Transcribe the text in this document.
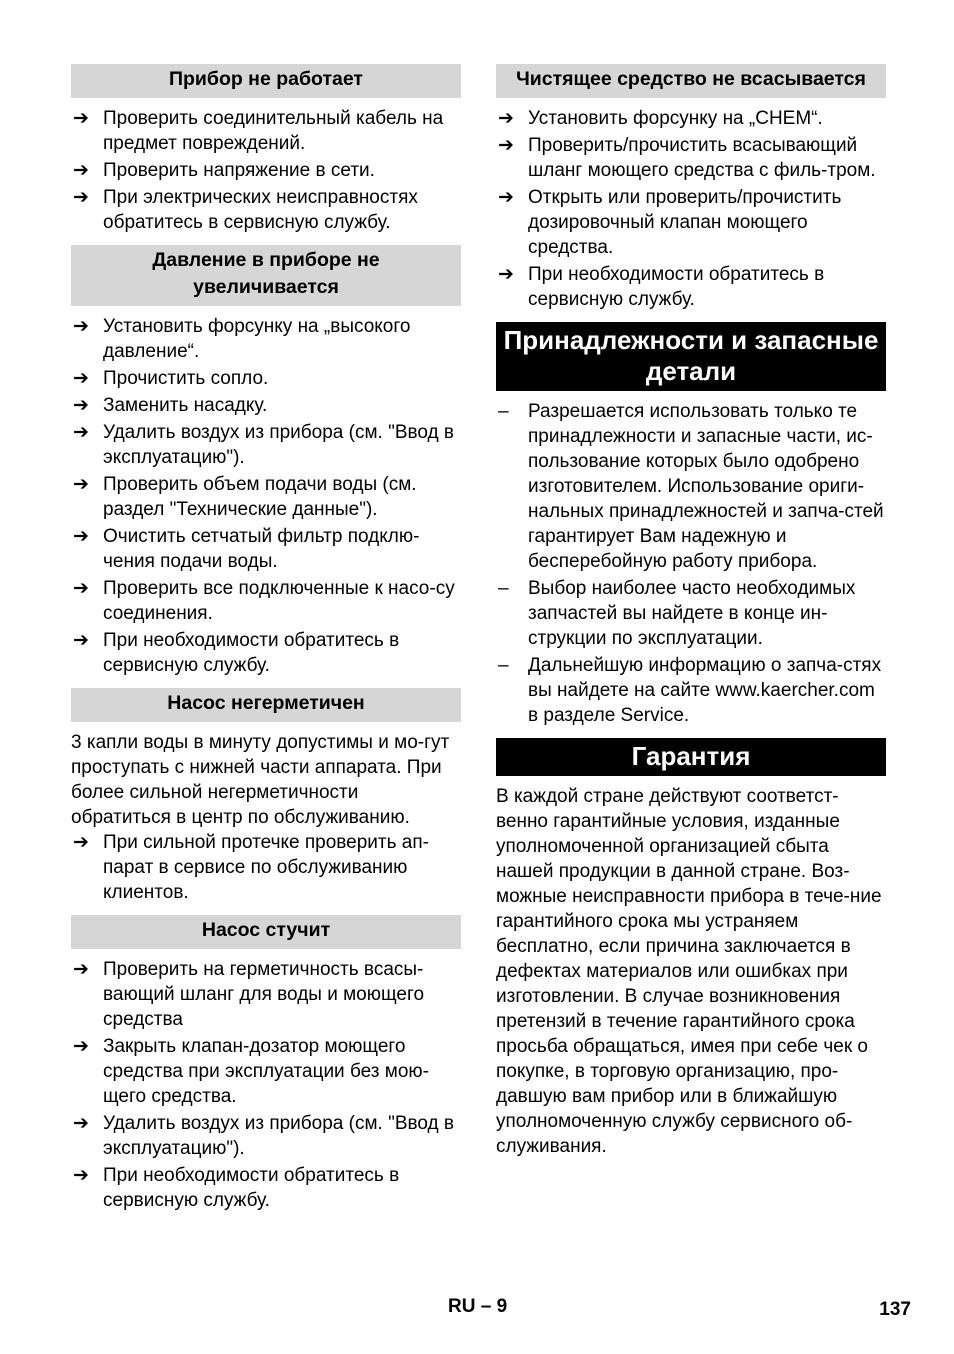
Прибор не работает
➔ Проверить соединительный кабель на предмет повреждений.
➔ Проверить напряжение в сети.
➔ При электрических неисправностях обратитесь в сервисную службу.
Давление в приборе не увеличивается
➔ Установить форсунку на „высокого давление“.
➔ Прочистить сопло.
➔ Заменить насадку.
➔ Удалить воздух из прибора (см. "Ввод в эксплуатацию").
➔ Проверить объем подачи воды (см. раздел "Технические данные").
➔ Очистить сетчатый фильтр подклю-чения подачи воды.
➔ Проверить все подключенные к насо-су соединения.
➔ При необходимости обратитесь в сервисную службу.
Насос негерметичен

3 капли воды в минуту допустимы и мо-гут проступать с нижней части аппарата. При более сильной негерметичности обратиться в центр по обслуживанию.

➔ При сильной протечке проверить ап-парат в сервисе по обслуживанию клиентов.
Насос стучит
➔ Проверить на герметичность всасы-вающий шланг для воды и моющего средства
➔ Закрыть клапан-дозатор моющего средства при эксплуатации без мою-щего средства.
➔ Удалить воздух из прибора (см. "Ввод в эксплуатацию").
➔ При необходимости обратитесь в сервисную службу.
Чистящее средство не всасывается
➔ Установить форсунку на „CHEM“.
➔ Проверить/прочистить всасывающий шланг моющего средства с филь-тром.
➔ Открыть или проверить/прочистить дозировочный клапан моющего средства.
➔ При необходимости обратитесь в сервисную службу.
Принадлежности и запасные детали
–	Разрешается использовать только те принадлежности и запасные части, ис-пользование которых было одобрено изготовителем. Использование ориги-нальных принадлежностей и запча-стей гарантирует Вам надежную и бесперебойную работу прибора.
–	Выбор наиболее часто необходимых запчастей вы найдете в конце ин-струкции по эксплуатации.
–	Дальнейшую информацию о запча-стях вы найдете на сайте www.kaercher.com в разделе Service.
Гарантия

В каждой стране действуют соответст-венно гарантийные условия, изданные уполномоченной организацией сбыта нашей продукции в данной стране. Воз-можные неисправности прибора в тече-ние гарантийного срока мы устраняем бесплатно, если причина заключается в дефектах материалов или ошибках при изготовлении. В случае возникновения претензий в течение гарантийного срока просьба обращаться, имея при себе чек о покупке, в торговую организацию, про-давшую вам прибор или в ближайшую уполномоченную службу сервисного об-служивания.

RU – 9	137
